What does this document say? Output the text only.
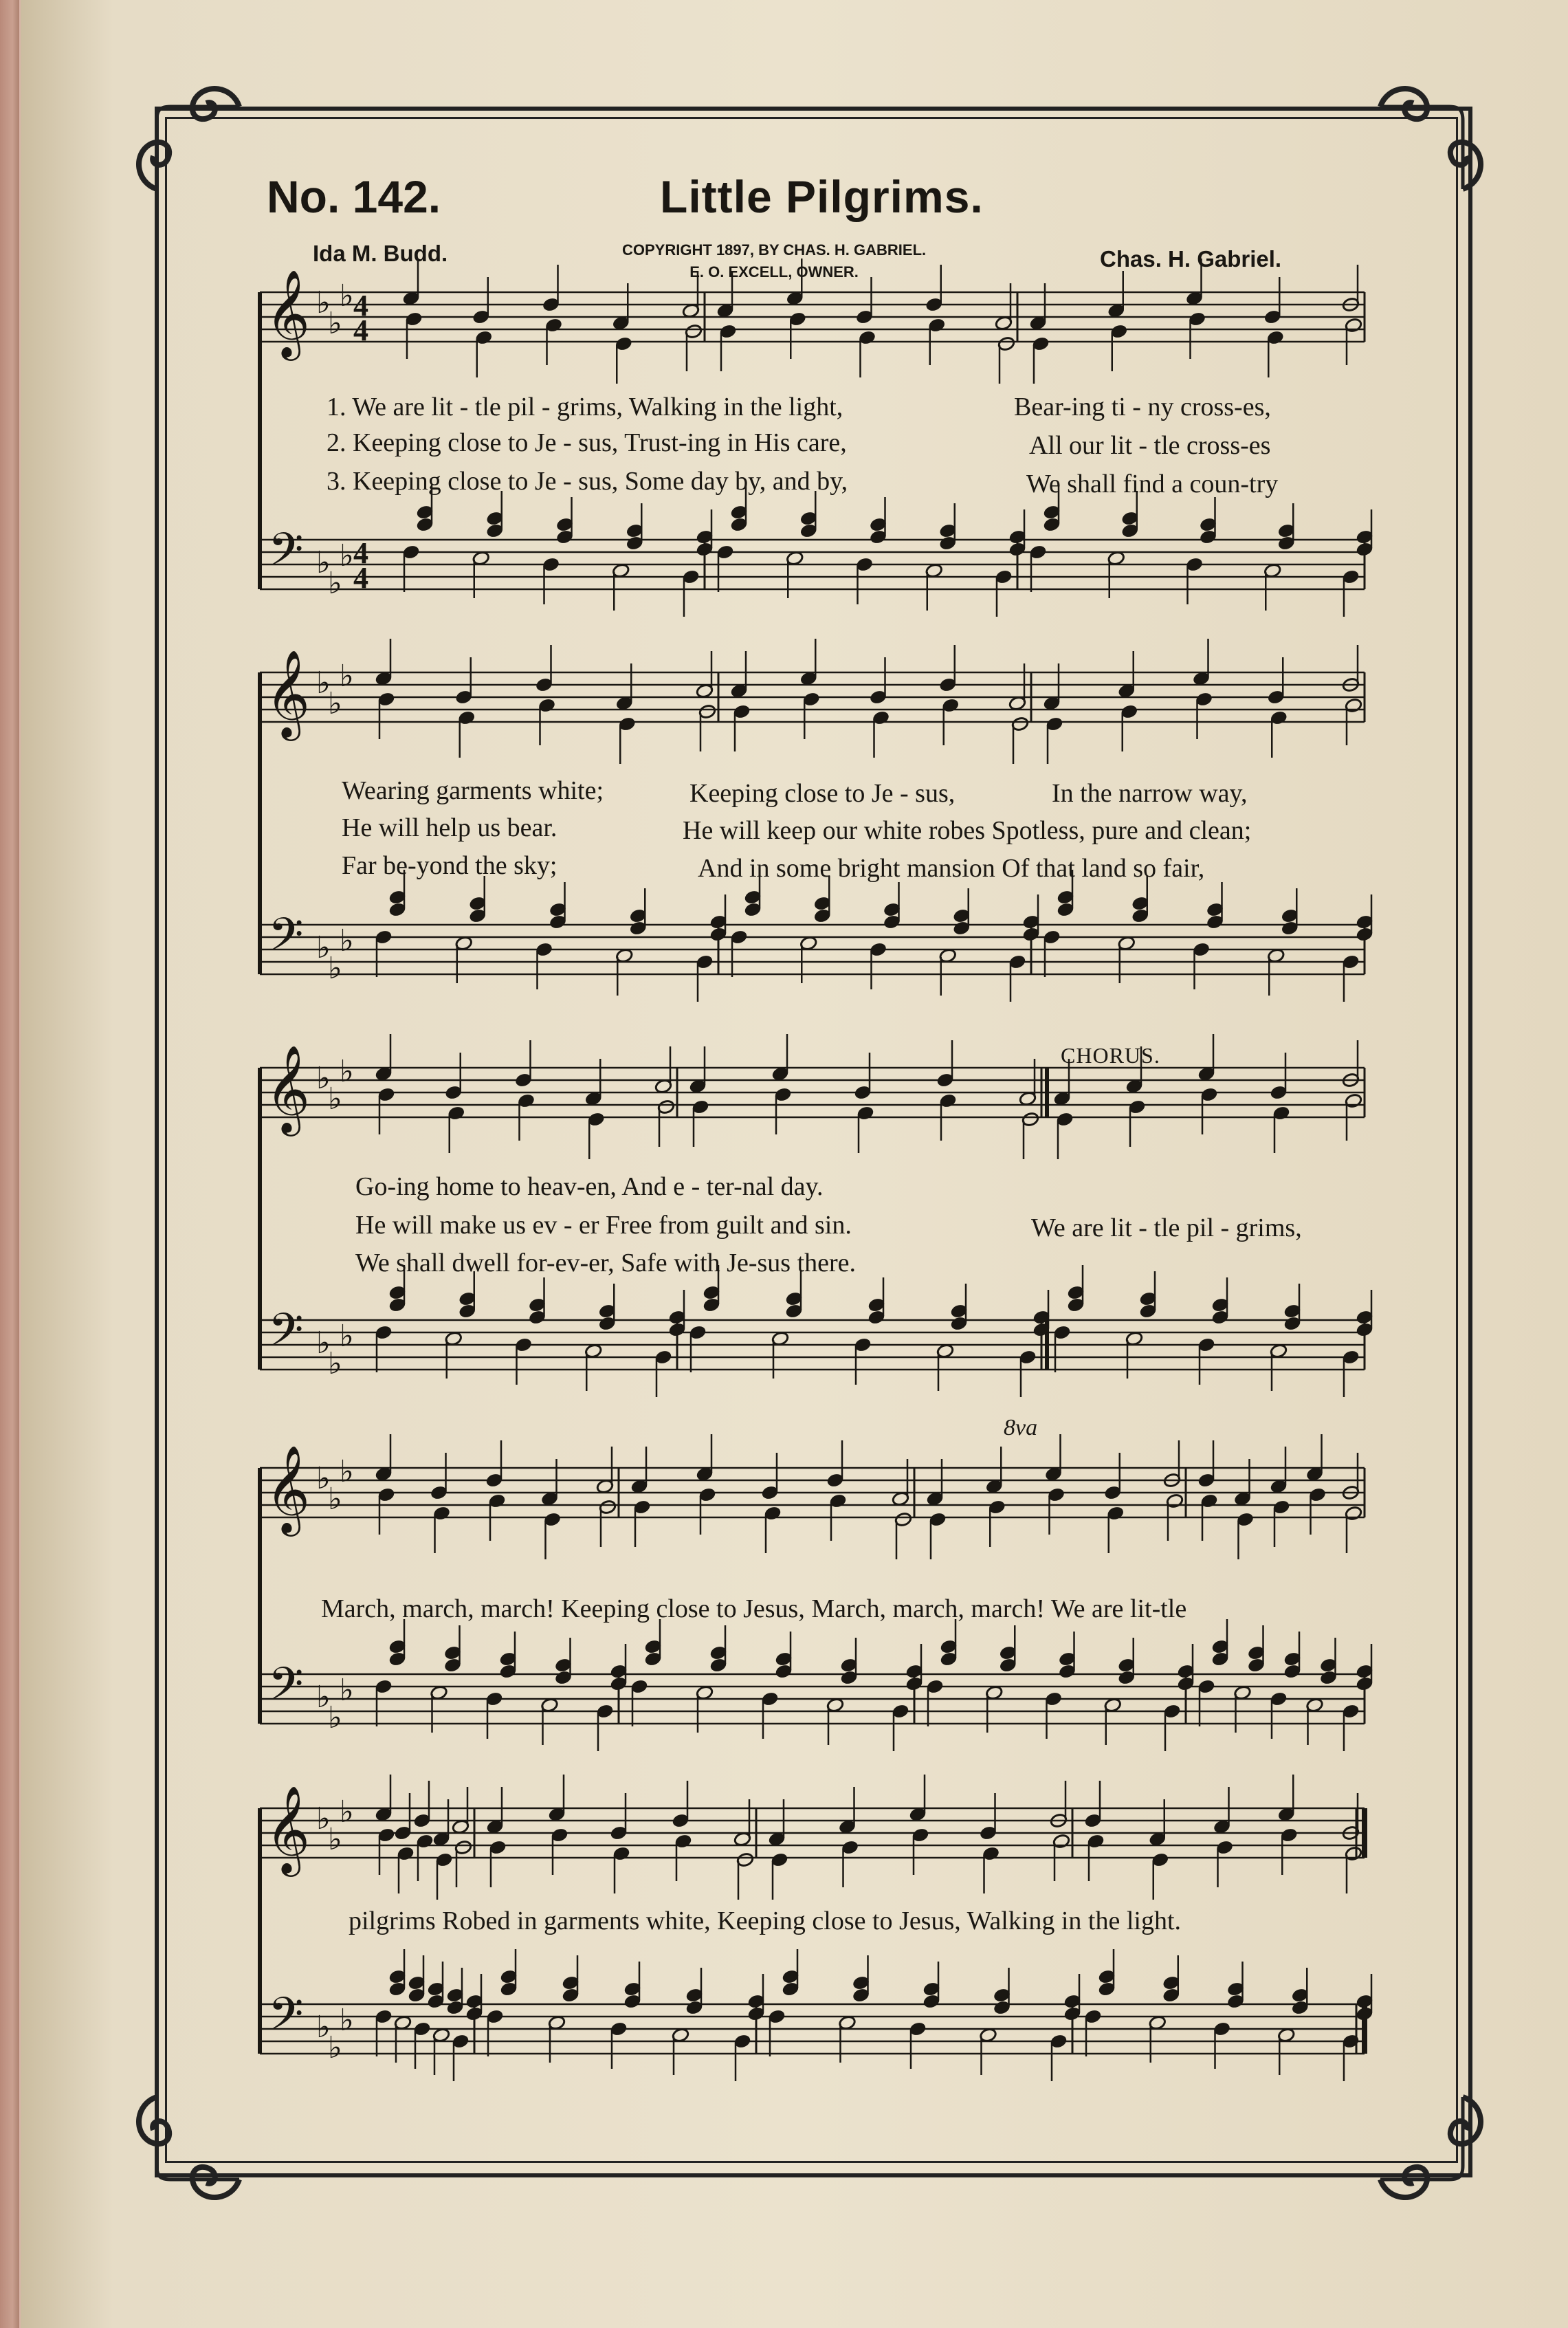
No. 142.	Little Pilgrims.
Ida M. Budd.	COPYRIGHT 1897, BY CHAS. H. GABRIEL.
E. O. EXCELL, OWNER.
Chas. H. Gabriel.
𝄞
𝄢
♭
♭
♭
♭
♭
♭
4
4
4
4
𝄞
𝄢
♭
♭
♭
♭
♭
♭
𝄞
𝄢
♭
♭
♭
♭
♭
♭
𝄞
𝄢
♭
♭
♭
♭
♭
♭
𝄞
𝄢
♭
♭
♭
♭
♭
♭
1. We are lit - tle pil - grims, Walking in the light,	Bear-ing ti - ny cross-es,
2. Keeping close to Je - sus, Trust-ing in His care,	All our lit - tle cross-es
3. Keeping close to Je - sus, Some day by, and by,	We shall find a coun-try
Wearing garments white;	Keeping close to Je - sus,	In the narrow way,
He will help us bear.	He will keep our white robes Spotless, pure and clean;
Far be-yond the sky;	And in some bright mansion Of that land so fair,
CHORUS.
Go-ing home to heav-en, And e - ter-nal day.
He will make us ev - er Free from guilt and sin.	We are lit - tle pil - grims,
We shall dwell for-ev-er, Safe with Je-sus there.
March, march, march! Keeping close to Jesus, March, march, march! We are lit-tle
8va
pilgrims Robed in garments white, Keeping close to Jesus, Walking in the light.
